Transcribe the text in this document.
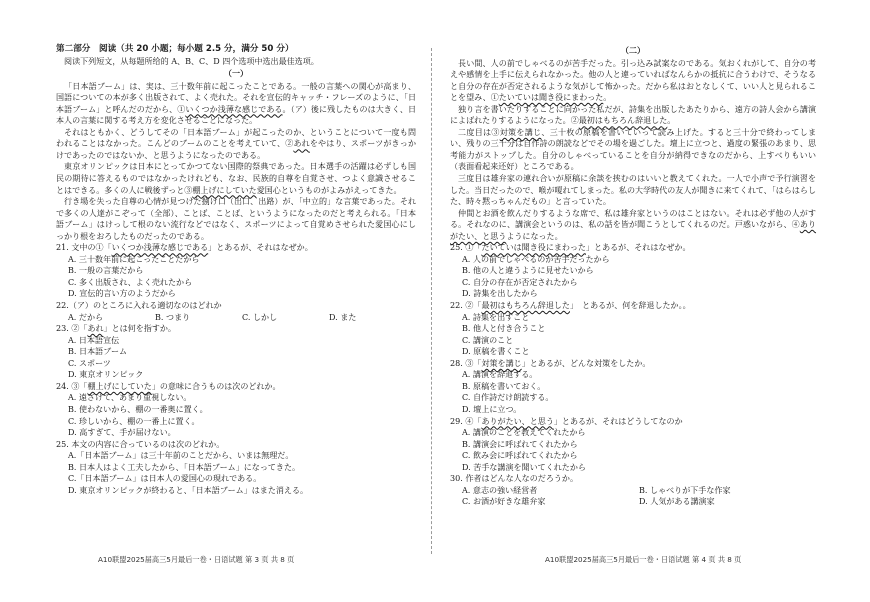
第二部分　阅读（共 20 小题；每小题 2.5 分，满分 50 分）

阅读下列短文，从每题所给的 A、B、C、D 四个选项中选出最佳选项。

（一）

「日本語ブーム」は、実は、三十数年前に起こったことである。一般の言葉への関心が高まり、国語についての本が多く出版されて、よく売れた。それを宣伝的キャッチ・フレーズのように、「日本語ブーム」と呼んだのだから、①いくつか浅薄な感じである。（ア）後に残したものは大きく、日本人の言葉に関する考え方を変化させることになった。

それはともかく、どうしてその「日本語ブーム」が起こったのか、ということについて一度も問われることはなかった。こんどのブームのことを考えていて、②あれをやはり、スポーツがきっかけであったのではないか、と思うようになったのである。

東京オリンピックは日本にとってかつてない国際的祭典であった。日本選手の活躍は必ずしも国民の期待に答えるものではなかったけれども、なお、民族的自尊を自覚させ、つよく意識させることはできる。多くの人に戦後ずっと③棚上げにしていた愛国心というものがよみがえってきた。

行き場を失った自尊の心情が見つけた捌け口（出口、出路）が、「中立的」な言葉であった。それで多くの人達がこぞって（全部）、ことば、ことば、というようになったのだと考えられる。「日本語ブーム」はけっして根のない流行などではなく、スポーツによって自覚めさせられた愛国心にしっかり根をおろしたものだったのである。

21. 文中の①「いくつか浅薄な感じである」とあるが、それはなぜか。

A. 三十数年前に起こったことだから

B. 一般の言葉だから

C. 多く出版され、よく売れたから

D. 宣伝的言い方のようだから

22.（ア）のところに入れる適切なのはどれか

A. だから	B. つまり	C. しかし	D. また

23. ②「あれ」とは何を指すか。

A. 日本語宣伝

B. 日本語ブーム

C. スポーツ

D. 東京オリンピック

24. ③「棚上げにしていた」の意味に合うものは次のどれか。

A. 遠ざけて、あまり重視しない。

B. 使わないから、棚の一番奥に置く。

C. 珍しいから、棚の一番上に置く。

D. 高すぎて、手が届けない。

25. 本文の内容に合っているのは次のどれか。

A.「日本語ブーム」は三十年前のことだから、いまは無理だ。

B. 日本人はよく工夫したから、「日本語ブーム」になってきた。

C.「日本語ブーム」は日本人の愛国心の現れである。

D. 東京オリンピックが終わると、「日本語ブーム」はまた消える。

（二）

長い間、人の前でしゃべるのが苦手だった。引っ込み試案なのである。気おくれがして、自分の考えや感情を上手に伝えられなかった。他の人と違っていればなんらかの抵抗に合うわけで、そうなると自分の存在が否定されるような気がして怖かった。だから私はおとなしくて、いい人と見られることを望み、①たいていは聞き役にまわった。

独り言を書いたりすることに向かった私だが、詩集を出版したあたりから、遠方の詩人会から講演によばれたりするようになった。②最初はもちろん辞退した。

二度目は③対策を講じ、三十枚の原稿を書いていって読み上げた。すると三十分で終わってしまい、残りの三十分は自作詩の朗読などでその場を過ごした。壇上に立つと、過度の緊張のあまり、思考能力がストップした。自分のしゃべっていることを自分が納得できなのだから、上すべりもいい（表面看起来还好）ところである。

三度目は雄弁家の連れ合いが原稿に余談を挟むのはいいと教えてくれた。一人で小声で予行演習をした。当日だったので、喉が嗄れてしまった。私の大学時代の友人が聞きに来てくれて、「はらはらした、時々黙っちゃんだもの」と言っていた。

仲間とお酒を飲んだりするような席で、私は雄弁家というのはことはない。それは必ず他の人がする。それなのに、講演会というのは、私の話を皆が聞こうとしてくれるのだ。戸惑いながら、④ありがたい、と思うようになった。

25. ①「たいていは聞き役にまわった」とあるが、それはなぜか。

A. 人の前でしゃべるのが苦手だったから

B. 他の人と違うように見せたいから

C. 自分の存在が否定されたから

D. 詩集を出したから

22. ②「最初はもちろん辞退した」　とあるが、何を辞退したか。。

A. 詩集を出すこと

B. 他人と付き合うこと

C. 講演のこと

D. 原稿を書くこと

28. ③「対策を講じ」とあるが、どんな対策をしたか。

A. 講演を辞退する。

B. 原稿を書いておく。

C. 自作詩だけ朗読する。

D. 壇上に立つ。

29. ④「ありがたい、と思う」とあるが、それはどうしてなのか

A. 講演のことを教えてくれたから

B. 講演会に呼ばれてくれたから

C. 飲み会に呼ばれてくれたから

D. 苦手な講演を聞いてくれたから

30. 作者はどんな人なのだろうか。

A. 意志の強い経営者	B. しゃべりが下手な作家
C. お酒が好きな雄弁家	D. 人気がある講演家
A10联盟2025届高三5月最后一卷・日语试题 第 3 页 共 8 页	A10联盟2025届高三5月最后一卷・日语试题 第 4 页 共 8 页
